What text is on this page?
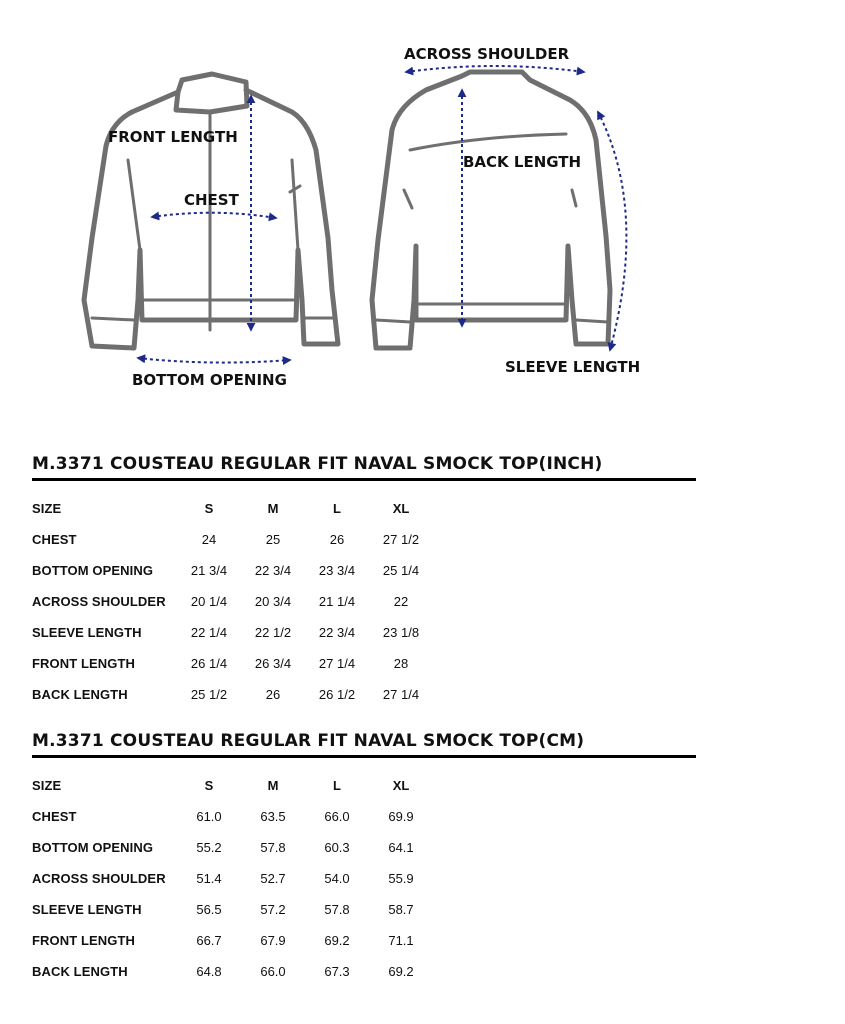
FRONT LENGTH
CHEST
BOTTOM OPENING
ACROSS SHOULDER
BACK LENGTH
SLEEVE LENGTH
M.3371 COUSTEAU REGULAR FIT NAVAL SMOCK TOP(INCH)
SIZE	S	M	L	XL
CHEST	24	25	26	27 1/2
BOTTOM OPENING	21 3/4	22 3/4	23 3/4	25 1/4
ACROSS SHOULDER	20 1/4	20 3/4	21 1/4	22
SLEEVE LENGTH	22 1/4	22 1/2	22 3/4	23 1/8
FRONT LENGTH	26 1/4	26 3/4	27 1/4	28
BACK LENGTH	25 1/2	26	26 1/2	27 1/4
M.3371 COUSTEAU REGULAR FIT NAVAL SMOCK TOP(CM)
SIZE	S	M	L	XL
CHEST	61.0	63.5	66.0	69.9
BOTTOM OPENING	55.2	57.8	60.3	64.1
ACROSS SHOULDER	51.4	52.7	54.0	55.9
SLEEVE LENGTH	56.5	57.2	57.8	58.7
FRONT LENGTH	66.7	67.9	69.2	71.1
BACK LENGTH	64.8	66.0	67.3	69.2
